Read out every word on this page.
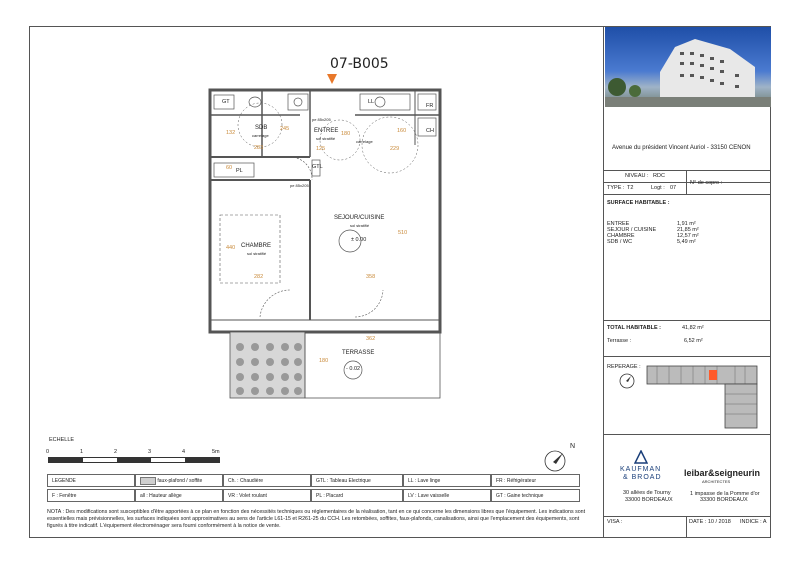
Avenue du président Vincent Auriol - 33150 CENON
NIVEAU : RDC
N° de copro :
TYPE : T2	Logt : 07
SURFACE HABITABLE :
ENTREE	1,91 m²
SEJOUR / CUISINE	21,85 m²
CHAMBRE	12,57 m²
SDB / WC	5,49 m²
TOTAL HABITABLE :	41,82 m²
Terrasse :	6,52 m²
REPERAGE :
KAUFMAN
& BROAD
30 allées de Tourny
33000 BORDEAUX
leibar&seigneurin
ARCHITECTES
1 impasse de la Pomme d'or
33300 BORDEAUX
VISA :	DATE : 10 / 2018 INDICE : A
07-B005
SDB
carrelage
ENTREE
sol stratifié
SEJOUR/CUISINE
sol stratifié
± 0.00
CHAMBRE
sol stratifié
TERRASSE
- 0.02
carrelage
132
245
283	125
180	160
229
60
510
358
282
440
362
180
GT
GTL
PL
LL
FR
CH
pe 85x205
pe 85x205
ECHELLE
0	1	2	3	4	5m
N
LEGENDE	faux-plafond / soffite	Ch. : Chaudière	GTL : Tableau Electrique	LL : Lave linge	FR : Réfrigérateur
F : Fenêtre	all : Hauteur allège	VR : Volet roulant	PL : Placard	LV : Lave vaisselle	GT : Gaine technique
NOTA : Des modifications sont susceptibles d'être apportées à ce plan en fonction des nécessités techniques ou réglementaires de la réalisation, tant en ce qui concerne les dimensions libres que l'équipement. Les indications sont essentielles mais prévisionnelles, les surfaces indiquées sont approximatives au sens de l'article L61-15 et R261-25 du CCH. Les retombées, soffites, faux-plafonds, canalisations, ainsi que l'emplacement des équipements, sont figurés à titre indicatif. L'équipement électroménager sera fourni conformément à la notice de vente.
